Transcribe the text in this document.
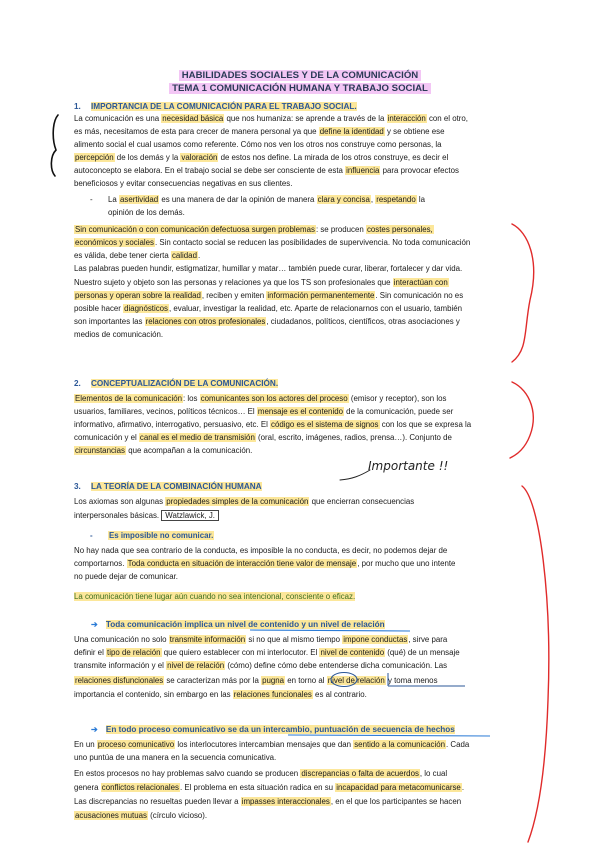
HABILIDADES SOCIALES Y DE LA COMUNICACIÓN
TEMA 1 COMUNICACIÓN HUMANA Y TRABAJO SOCIAL
1. IMPORTANCIA DE LA COMUNICACIÓN PARA EL TRABAJO SOCIAL.
La comunicación es una necesidad básica que nos humaniza: se aprende a través de la interacción con el otro,
es más, necesitamos de esta para crecer de manera personal ya que define la identidad y se obtiene ese
alimento social el cual usamos como referente. Cómo nos ven los otros nos construye como personas, la
percepción de los demás y la valoración de estos nos define. La mirada de los otros construye, es decir el
autoconcepto se elabora. En el trabajo social se debe ser consciente de esta influencia para provocar efectos
beneficiosos y evitar consecuencias negativas en sus clientes.
- La asertividad es una manera de dar la opinión de manera clara y concisa, respetando la
opinión de los demás.
Sin comunicación o con comunicación defectuosa surgen problemas: se producen costes personales,
económicos y sociales. Sin contacto social se reducen las posibilidades de supervivencia. No toda comunicación
es válida, debe tener cierta calidad.
Las palabras pueden hundir, estigmatizar, humillar y matar… también puede curar, liberar, fortalecer y dar vida.
Nuestro sujeto y objeto son las personas y relaciones ya que los TS son profesionales que interactúan con
personas y operan sobre la realidad, reciben y emiten información permanentemente. Sin comunicación no es
posible hacer diagnósticos, evaluar, investigar la realidad, etc. Aparte de relacionarnos con el usuario, también
son importantes las relaciones con otros profesionales, ciudadanos, políticos, científicos, otras asociaciones y
medios de comunicación.
2. CONCEPTUALIZACIÓN DE LA COMUNICACIÓN.
Elementos de la comunicación: los comunicantes son los actores del proceso (emisor y receptor), son los
usuarios, familiares, vecinos, políticos técnicos… El mensaje es el contenido de la comunicación, puede ser
informativo, afirmativo, interrogativo, persuasivo, etc. El código es el sistema de signos con los que se expresa la
comunicación y el canal es el medio de transmisión (oral, escrito, imágenes, radios, prensa…). Conjunto de
circunstancias que acompañan a la comunicación.
Importante !!
3. LA TEORÍA DE LA COMBINACIÓN HUMANA
Los axiomas son algunas propiedades simples de la comunicación que encierran consecuencias
interpersonales básicas. Watzlawick, J.
- Es imposible no comunicar.
No hay nada que sea contrario de la conducta, es imposible la no conducta, es decir, no podemos dejar de
comportarnos. Toda conducta en situación de interacción tiene valor de mensaje, por mucho que uno intente
no puede dejar de comunicar.
La comunicación tiene lugar aún cuando no sea intencional, consciente o eficaz.
➔ Toda comunicación implica un nivel de contenido y un nivel de relación
Una comunicación no solo transmite información si no que al mismo tiempo impone conductas, sirve para
definir el tipo de relación que quiero establecer con mi interlocutor. El nivel de contenido (qué) de un mensaje
transmite información y el nivel de relación (cómo) define cómo debe entenderse dicha comunicación. Las
relaciones disfuncionales se caracterizan más por la pugna en torno al nivel de relación y toma menos
importancia el contenido, sin embargo en las relaciones funcionales es al contrario.
➔ En todo proceso comunicativo se da un intercambio, puntuación de secuencia de hechos
En un proceso comunicativo los interlocutores intercambian mensajes que dan sentido a la comunicación. Cada
uno puntúa de una manera en la secuencia comunicativa.
En estos procesos no hay problemas salvo cuando se producen discrepancias o falta de acuerdos, lo cual
genera conflictos relacionales. El problema en esta situación radica en su incapacidad para metacomunicarse.
Las discrepancias no resueltas pueden llevar a impasses interaccionales, en el que los participantes se hacen
acusaciones mutuas (círculo vicioso).
